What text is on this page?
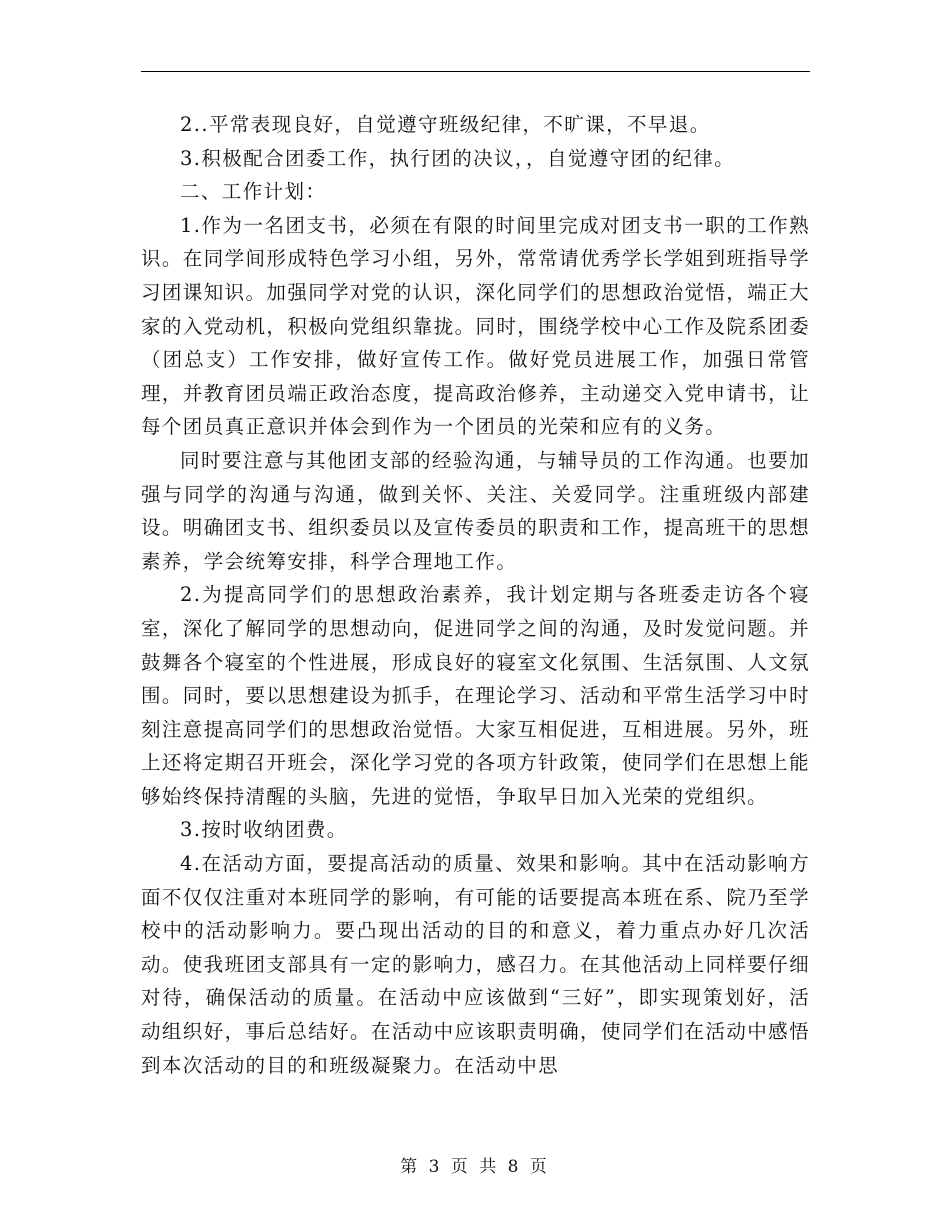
2..平常表现良好，自觉遵守班级纪律，不旷课，不早退。

3.积极配合团委工作，执行团的决议，，自觉遵守团的纪律。

二、工作计划：

1.作为一名团支书，必须在有限的时间里完成对团支书一职的工作熟识。在同学间形成特色学习小组，另外，常常请优秀学长学姐到班指导学习团课知识。加强同学对党的认识，深化同学们的思想政治觉悟，端正大家的入党动机，积极向党组织靠拢。同时，围绕学校中心工作及院系团委（团总支）工作安排，做好宣传工作。做好党员进展工作，加强日常管理，并教育团员端正政治态度，提高政治修养，主动递交入党申请书，让每个团员真正意识并体会到作为一个团员的光荣和应有的义务。

同时要注意与其他团支部的经验沟通，与辅导员的工作沟通。也要加强与同学的沟通与沟通，做到关怀、关注、关爱同学。注重班级内部建设。明确团支书、组织委员以及宣传委员的职责和工作，提高班干的思想素养，学会统筹安排，科学合理地工作。

2.为提高同学们的思想政治素养，我计划定期与各班委走访各个寝室，深化了解同学的思想动向，促进同学之间的沟通，及时发觉问题。并鼓舞各个寝室的个性进展，形成良好的寝室文化氛围、生活氛围、人文氛围。同时，要以思想建设为抓手，在理论学习、活动和平常生活学习中时刻注意提高同学们的思想政治觉悟。大家互相促进，互相进展。另外，班上还将定期召开班会，深化学习党的各项方针政策，使同学们在思想上能够始终保持清醒的头脑，先进的觉悟，争取早日加入光荣的党组织。

3.按时收纳团费。

4.在活动方面，要提高活动的质量、效果和影响。其中在活动影响方面不仅仅注重对本班同学的影响，有可能的话要提高本班在系、院乃至学校中的活动影响力。要凸现出活动的目的和意义，着力重点办好几次活动。使我班团支部具有一定的影响力，感召力。在其他活动上同样要仔细对待，确保活动的质量。在活动中应该做到“三好”，即实现策划好，活动组织好，事后总结好。在活动中应该职责明确，使同学们在活动中感悟到本次活动的目的和班级凝聚力。在活动中思

第 3 页 共 8 页
